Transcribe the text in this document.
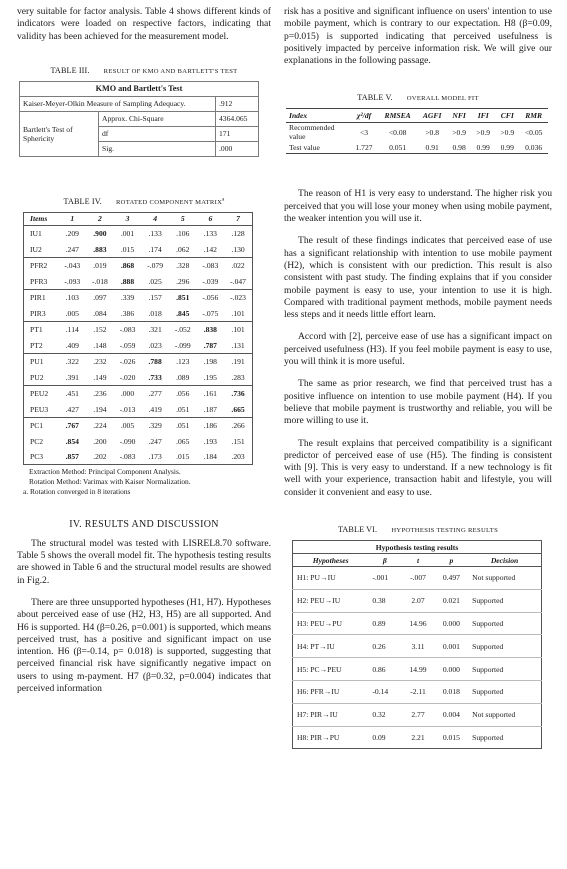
very suitable for factor analysis. Table 4 shows different kinds of indicators were loaded on respective factors, indicating that validity has been achieved for the measurement model.

TABLE III. RESULT OF KMO AND BARTLETT'S TEST
KMO and Bartlett's Test		
Kaiser-Meyer-Olkin Measure of Sampling Adequacy.		.912
Bartlett's Test of Sphericity	Approx. Chi-Square	4364.065
	df	171
	Sig.	.000
TABLE IV. ROTATED COMPONENT MATRIX$^a$
Items	1	2	3	4	5	6	7
IU1	.209	.900	.001	.133	.106	.133	.128
IU2	.247	.883	.015	.174	.062	.142	.130
PFR2	-.043	.019	.868	-.079	.328	-.083	.022
PFR3	-.093	-.018	.888	.025	.296	-.039	-.047
PIR1	.103	.097	.339	.157	.851	-.056	-.023
PIR3	.005	.084	.386	.018	.845	-.075	.101
PT1	.114	.152	-.083	.321	-.052	.838	.101
PT2	.409	.148	-.059	.023	-.099	.787	.131
PU1	.322	.232	-.026	.788	.123	.198	.191
PU2	.391	.149	-.020	.733	.089	.195	.283
PEU2	.451	.236	.000	.277	.056	.161	.736
PEU3	.427	.194	-.013	.419	.051	.187	.665
PC1	.767	.224	.005	.329	.051	.186	.266
PC2	.854	.200	-.090	.247	.065	.193	.151
PC3	.857	.202	-.083	.173	.015	.184	.203
Extraction Method: Principal Component Analysis.
Rotation Method: Varimax with Kaiser Normalization.
a. Rotation converged in 8 iterations
IV. RESULTS AND DISCUSSION

The structural model was tested with LISREL8.70 software. Table 5 shows the overall model fit. The hypothesis testing results are showed in Table 6 and the structural model results are showed in Fig.2.

There are three unsupported hypotheses (H1, H7). Hypotheses about perceived ease of use (H2, H3, H5) are all supported. And H6 is supported. H4 (β=0.26, p=0.001) is supported, which means perceived trust, has a positive and significant impact on use intention. H6 (β=-0.14, p= 0.018) is supported, suggesting that perceived financial risk have significantly negative impact on users to using m-payment. H7 (β=0.32, p=0.004) indicates that perceived information

risk has a positive and significant influence on users' intention to use mobile payment, which is contrary to our expectation. H8 (β=0.09, p=0.015) is supported indicating that perceived usefulness is positively impacted by perceive information risk. We will give our explanations in the following passage.

TABLE V. OVERALL MODEL FIT
Index	χ²/df	RMSEA	AGFI	NFI	IFI	CFI	RMR
Recommended value	<3	<0.08	>0.8	>0.9	>0.9	>0.9	<0.05
Test value	1.727	0.051	0.91	0.98	0.99	0.99	0.036

The reason of H1 is very easy to understand. The higher risk you perceived that you will lose your money when using mobile payment, the weaker intention you will use it.

The result of these findings indicates that perceived ease of use has a significant relationship with intention to use mobile payment (H2), which is consistent with our prediction. This result is also consistent with past study. The finding explains that if you consider mobile payment is easy to use, your intention to use it is high. Compared with traditional payment methods, mobile payment needs less steps and it needs little effort learn.

Accord with [2], perceive ease of use has a significant impact on perceived usefulness (H3). If you feel mobile payment is easy to use, you will think it is more useful.

The same as prior research, we find that perceived trust has a positive influence on intention to use mobile payment (H4). If you believe that mobile payment is trustworthy and reliable, you will be more willing to use it.

The result explains that perceived compatibility is a significant predictor of perceived ease of use (H5). The finding is consistent with [9]. This is very easy to understand. If a new technology is fit well with your experience, transaction habit and lifestyle, you will consider it convenient and easy to use.

TABLE VI. HYPOTHESIS TESTING RESULTS
Hypothesis testing results				
Hypotheses	β	t	p	Decision
H1: PU→IU	-.001	-.007	0.497	Not supported
H2: PEU→IU	0.38	2.07	0.021	Supported
H3: PEU→PU	0.89	14.96	0.000	Supported
H4: PT→IU	0.26	3.11	0.001	Supported
H5: PC→PEU	0.86	14.99	0.000	Supported
H6: PFR→IU	-0.14	-2.11	0.018	Supported
H7: PIR→IU	0.32	2.77	0.004	Not supported
H8: PIR→PU	0.09	2.21	0.015	Supported
